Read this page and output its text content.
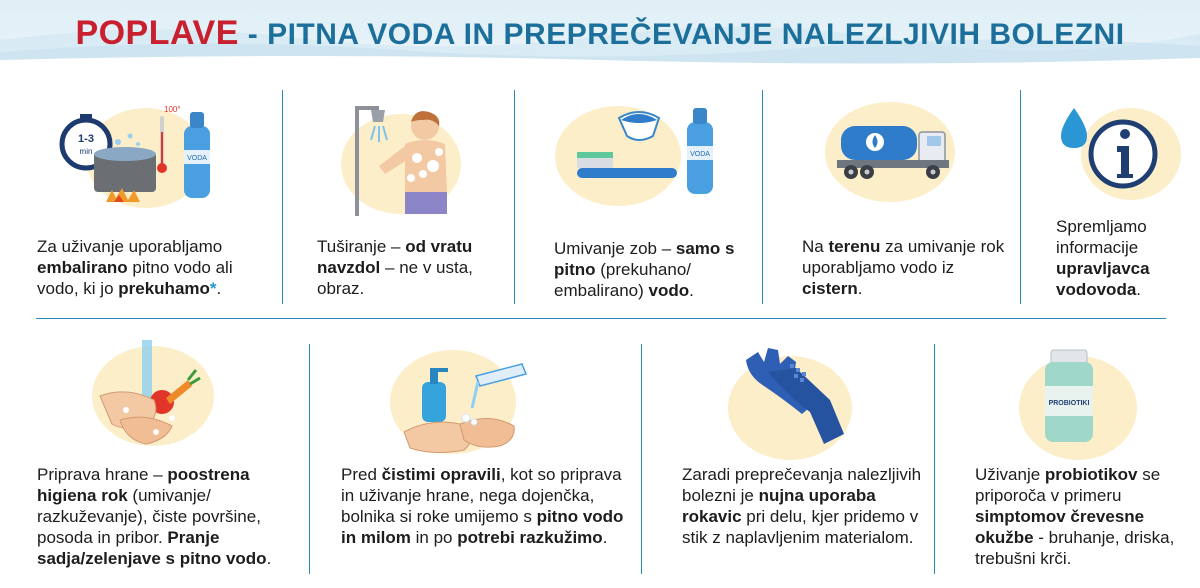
POPLAVE - PITNA VODA IN PREPREČEVANJE NALEZLJIVIH BOLEZNI
1-3
min
100°
VODA
Za uživanje uporabljamo embalirano pitno vodo ali vodo, ki jo prekuhamo*.
Tuširanje – od vratu navzdol – ne v usta, obraz.
VODA
Umivanje zob – samo s pitno (prekuhano/ embalirano) vodo.
Na terenu za umivanje rok uporabljamo vodo iz cistern.
Spremljamo informacije upravljavca vodovoda.
Priprava hrane – poostrena higiena rok (umivanje/ razkuževanje), čiste površine, posoda in pribor. Pranje sadja/zelenjave s pitno vodo.
Pred čistimi opravili, kot so priprava in uživanje hrane, nega dojenčka, bolnika si roke umijemo s pitno vodo in milom in po potrebi razkužimo.
Zaradi preprečevanja nalezljivih bolezni je nujna uporaba rokavic pri delu, kjer pridemo v stik z naplavljenim materialom.
PROBIOTIKI
Uživanje probiotikov se priporoča v primeru simptomov črevesne okužbe - bruhanje, driska, trebušni krči.
